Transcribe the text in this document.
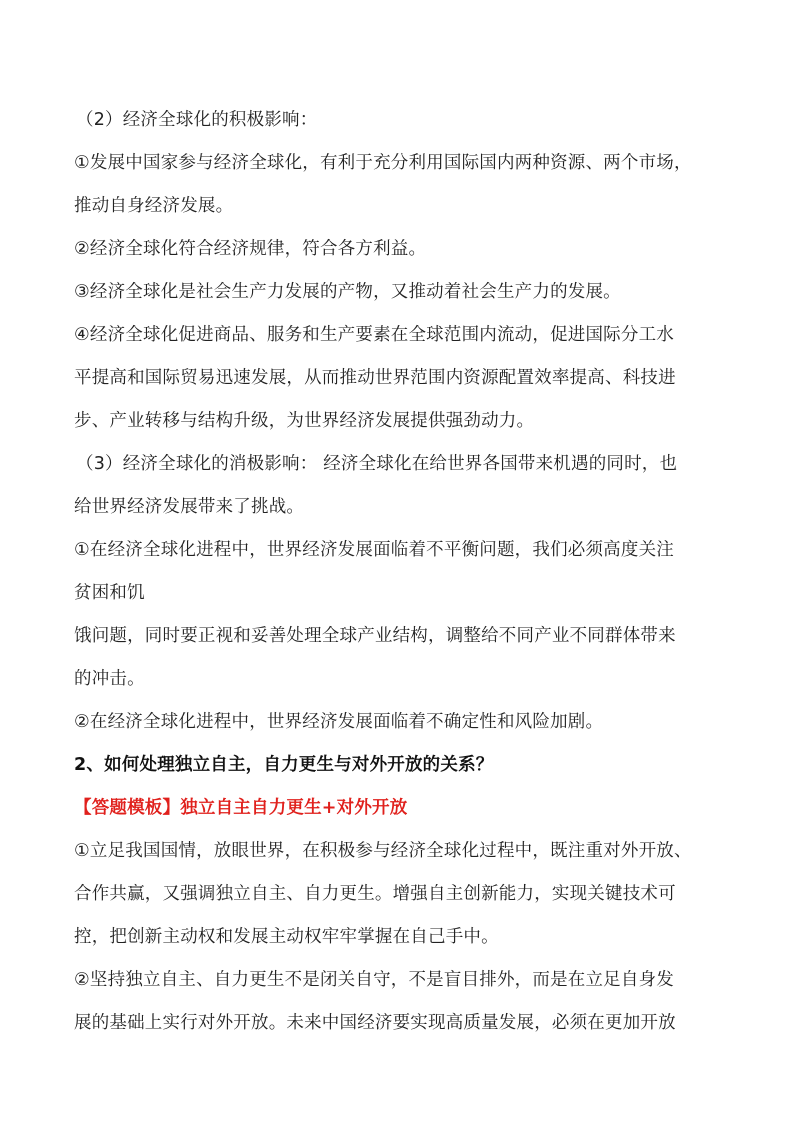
（2）经济全球化的积极影响：
①发展中国家参与经济全球化，有利于充分利用国际国内两种资源、两个市场，
推动自身经济发展。
②经济全球化符合经济规律，符合各方利益。
③经济全球化是社会生产力发展的产物，又推动着社会生产力的发展。
④经济全球化促进商品、服务和生产要素在全球范围内流动，促进国际分工水
平提高和国际贸易迅速发展，从而推动世界范围内资源配置效率提高、科技进
步、产业转移与结构升级，为世界经济发展提供强劲动力。
（3）经济全球化的消极影响： 经济全球化在给世界各国带来机遇的同时，也
给世界经济发展带来了挑战。
①在经济全球化进程中，世界经济发展面临着不平衡问题，我们必须高度关注
贫困和饥
饿问题，同时要正视和妥善处理全球产业结构，调整给不同产业不同群体带来
的冲击。
②在经济全球化进程中，世界经济发展面临着不确定性和风险加剧。
2、如何处理独立自主，自力更生与对外开放的关系？
【答题模板】独立自主自力更生+对外开放
①立足我国国情，放眼世界，在积极参与经济全球化过程中，既注重对外开放、
合作共赢，又强调独立自主、自力更生。增强自主创新能力，实现关键技术可
控，把创新主动权和发展主动权牢牢掌握在自己手中。
②坚持独立自主、自力更生不是闭关自守，不是盲目排外，而是在立足自身发
展的基础上实行对外开放。未来中国经济要实现高质量发展，必须在更加开放
